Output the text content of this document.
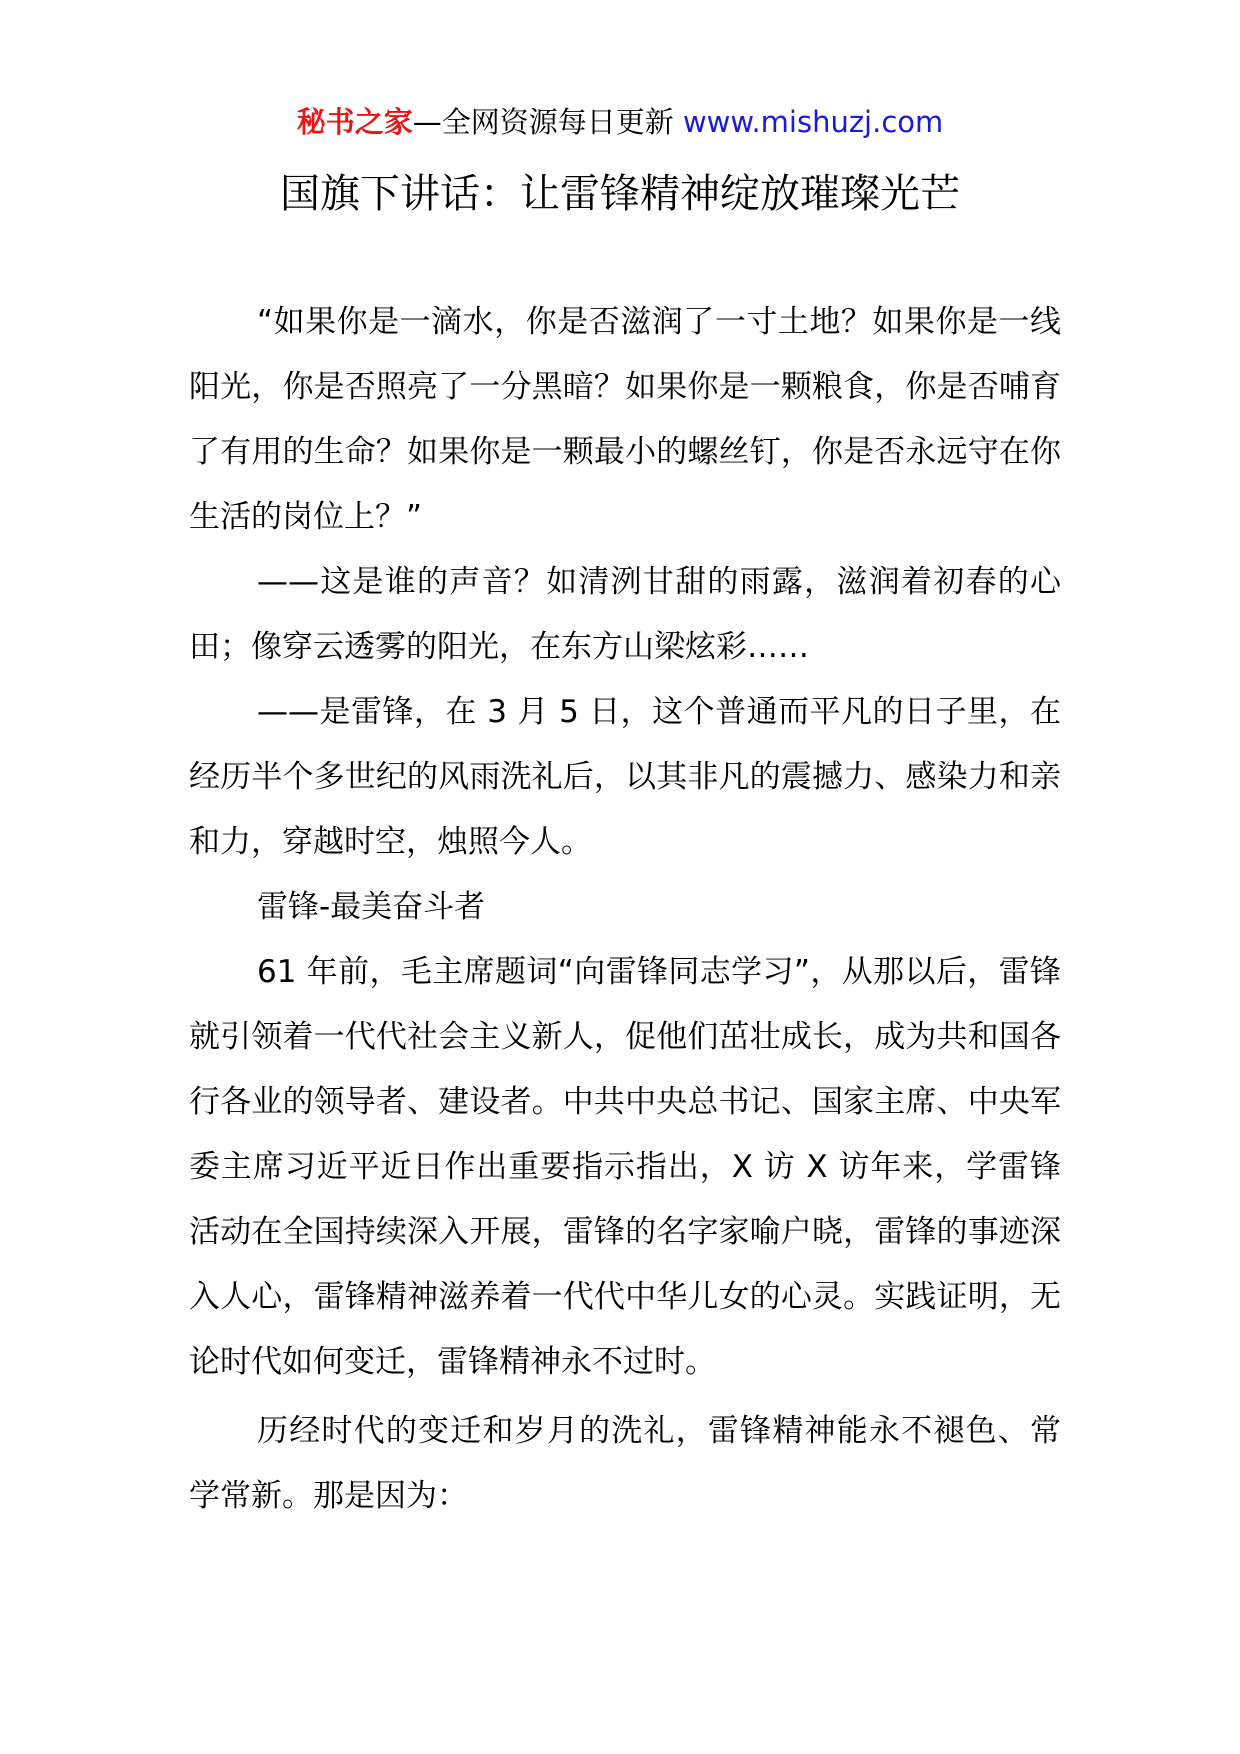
秘书之家—全网资源每日更新 www.mishuzj.com
国旗下讲话：让雷锋精神绽放璀璨光芒

“如果你是一滴水，你是否滋润了一寸土地？如果你是一线阳光，你是否照亮了一分黑暗？如果你是一颗粮食，你是否哺育了有用的生命？如果你是一颗最小的螺丝钉，你是否永远守在你生活的岗位上？”

——这是谁的声音？如清洌甘甜的雨露，滋润着初春的心田；像穿云透雾的阳光，在东方山梁炫彩……

——是雷锋，在 3 月 5 日，这个普通而平凡的日子里，在经历半个多世纪的风雨洗礼后，以其非凡的震撼力、感染力和亲和力，穿越时空，烛照今人。

雷锋-最美奋斗者

61 年前，毛主席题词“向雷锋同志学习”，从那以后，雷锋就引领着一代代社会主义新人，促他们茁壮成长，成为共和国各行各业的领导者、建设者。中共中央总书记、国家主席、中央军委主席习近平近日作出重要指示指出，X 访 X 访年来，学雷锋活动在全国持续深入开展，雷锋的名字家喻户晓，雷锋的事迹深入人心，雷锋精神滋养着一代代中华儿女的心灵。实践证明，无论时代如何变迁，雷锋精神永不过时。

历经时代的变迁和岁月的洗礼，雷锋精神能永不褪色、常学常新。那是因为：
